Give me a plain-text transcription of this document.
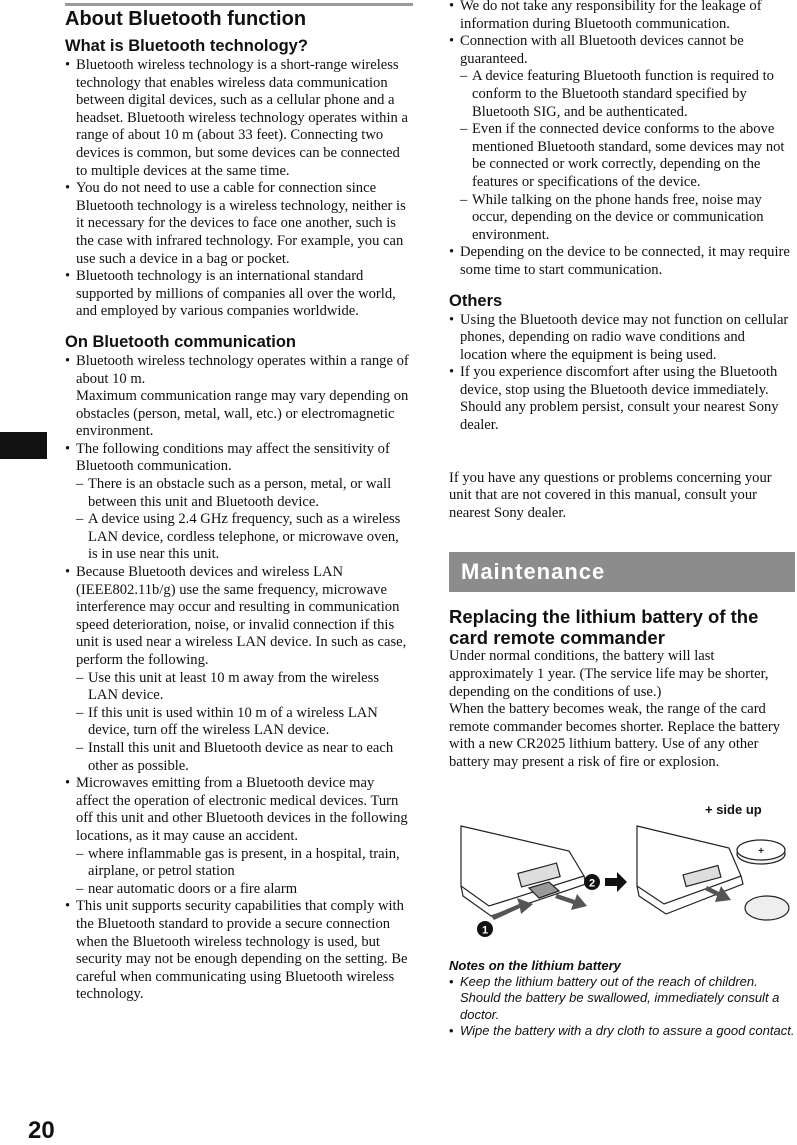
20
About Bluetooth function
What is Bluetooth technology?
• Bluetooth wireless technology is a short-range wireless technology that enables wireless data communication between digital devices, such as a cellular phone and a headset. Bluetooth wireless technology operates within a range of about 10 m (about 33 feet). Connecting two devices is common, but some devices can be connected to multiple devices at the same time.
• You do not need to use a cable for connection since Bluetooth technology is a wireless technology, neither is it necessary for the devices to face one another, such is the case with infrared technology. For example, you can use such a device in a bag or pocket.
• Bluetooth technology is an international standard supported by millions of companies all over the world, and employed by various companies worldwide.
On Bluetooth communication
• Bluetooth wireless technology operates within a range of about 10 m.
Maximum communication range may vary depending on obstacles (person, metal, wall, etc.) or electromagnetic environment.
• The following conditions may affect the sensitivity of Bluetooth communication.
– There is an obstacle such as a person, metal, or wall between this unit and Bluetooth device.
– A device using 2.4 GHz frequency, such as a wireless LAN device, cordless telephone, or microwave oven, is in use near this unit.
• Because Bluetooth devices and wireless LAN (IEEE802.11b/g) use the same frequency, microwave interference may occur and resulting in communication speed deterioration, noise, or invalid connection if this unit is used near a wireless LAN device. In such as case, perform the following.
– Use this unit at least 10 m away from the wireless LAN device.
– If this unit is used within 10 m of a wireless LAN device, turn off the wireless LAN device.
– Install this unit and Bluetooth device as near to each other as possible.
• Microwaves emitting from a Bluetooth device may affect the operation of electronic medical devices. Turn off this unit and other Bluetooth devices in the following locations, as it may cause an accident.
– where inflammable gas is present, in a hospital, train, airplane, or petrol station
– near automatic doors or a fire alarm
• This unit supports security capabilities that comply with the Bluetooth standard to provide a secure connection when the Bluetooth wireless technology is used, but security may not be enough depending on the setting. Be careful when communicating using Bluetooth wireless technology.
• We do not take any responsibility for the leakage of information during Bluetooth communication.
• Connection with all Bluetooth devices cannot be guaranteed.
– A device featuring Bluetooth function is required to conform to the Bluetooth standard specified by Bluetooth SIG, and be authenticated.
– Even if the connected device conforms to the above mentioned Bluetooth standard, some devices may not be connected or work correctly, depending on the features or specifications of the device.
– While talking on the phone hands free, noise may occur, depending on the device or communication environment.
• Depending on the device to be connected, it may require some time to start communication.
Others
• Using the Bluetooth device may not function on cellular phones, depending on radio wave conditions and location where the equipment is being used.
• If you experience discomfort after using the Bluetooth device, stop using the Bluetooth device immediately. Should any problem persist, consult your nearest Sony dealer.

If you have any questions or problems concerning your unit that are not covered in this manual, consult your nearest Sony dealer.

Maintenance
Replacing the lithium battery of the card remote commander

Under normal conditions, the battery will last approximately 1 year. (The service life may be shorter, depending on the conditions of use.)

When the battery becomes weak, the range of the card remote commander becomes shorter. Replace the battery with a new CR2025 lithium battery. Use of any other battery may present a risk of fire or explosion.

1
2
+
+ side up
Notes on the lithium battery
• Keep the lithium battery out of the reach of children. Should the battery be swallowed, immediately consult a doctor.
• Wipe the battery with a dry cloth to assure a good contact.
